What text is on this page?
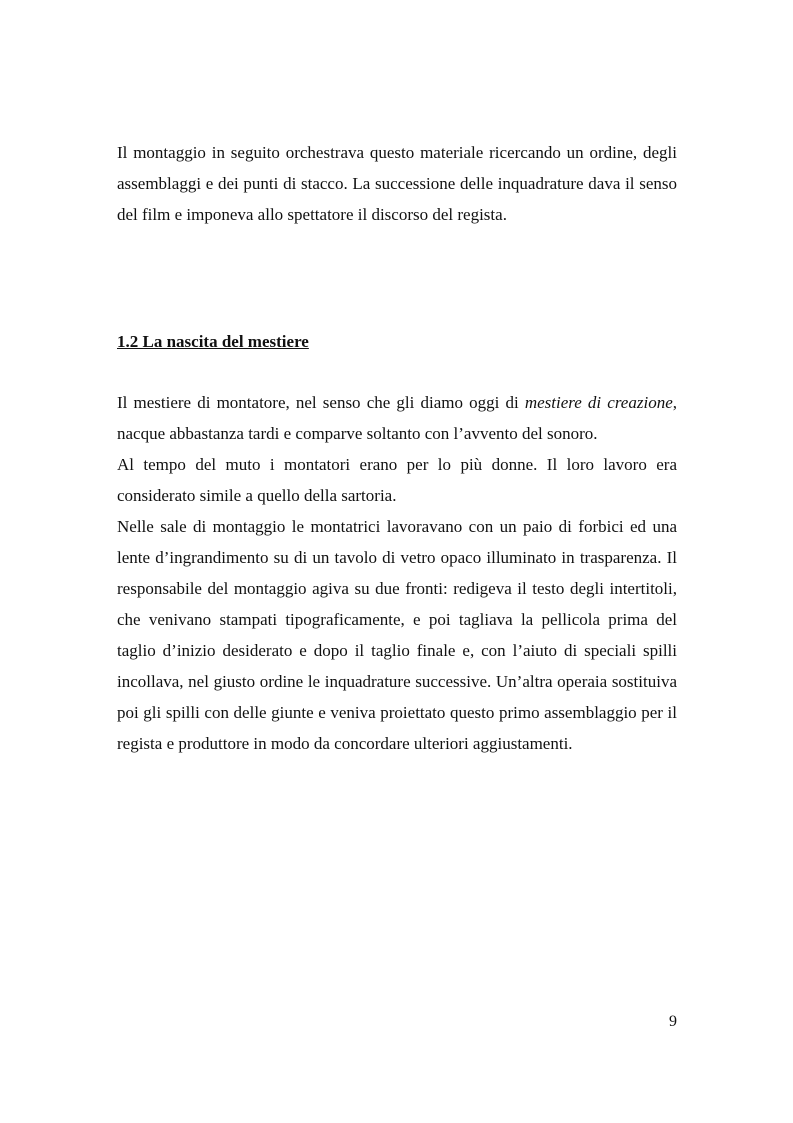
Il montaggio in seguito orchestrava questo materiale ricercando un ordine, degli assemblaggi e dei punti di stacco. La successione delle inquadrature dava il senso del film e imponeva allo spettatore il discorso del regista.

1.2 La nascita del mestiere
Il mestiere di montatore, nel senso che gli diamo oggi di mestiere di creazione, nacque abbastanza tardi e comparve soltanto con l’avvento del sonoro.
Al tempo del muto i montatori erano per lo più donne. Il loro lavoro era considerato simile a quello della sartoria.
Nelle sale di montaggio le montatrici lavoravano con un paio di forbici ed una lente d’ingrandimento su di un tavolo di vetro opaco illuminato in trasparenza. Il responsabile del montaggio agiva su due fronti: redigeva il testo degli intertitoli, che venivano stampati tipograficamente, e poi tagliava la pellicola prima del taglio d’inizio desiderato e dopo il taglio finale e, con l’aiuto di speciali spilli incollava, nel giusto ordine le inquadrature successive. Un’altra operaia sostituiva poi gli spilli con delle giunte e veniva proiettato questo primo assemblaggio per il regista e produttore in modo da concordare ulteriori aggiustamenti.
9
